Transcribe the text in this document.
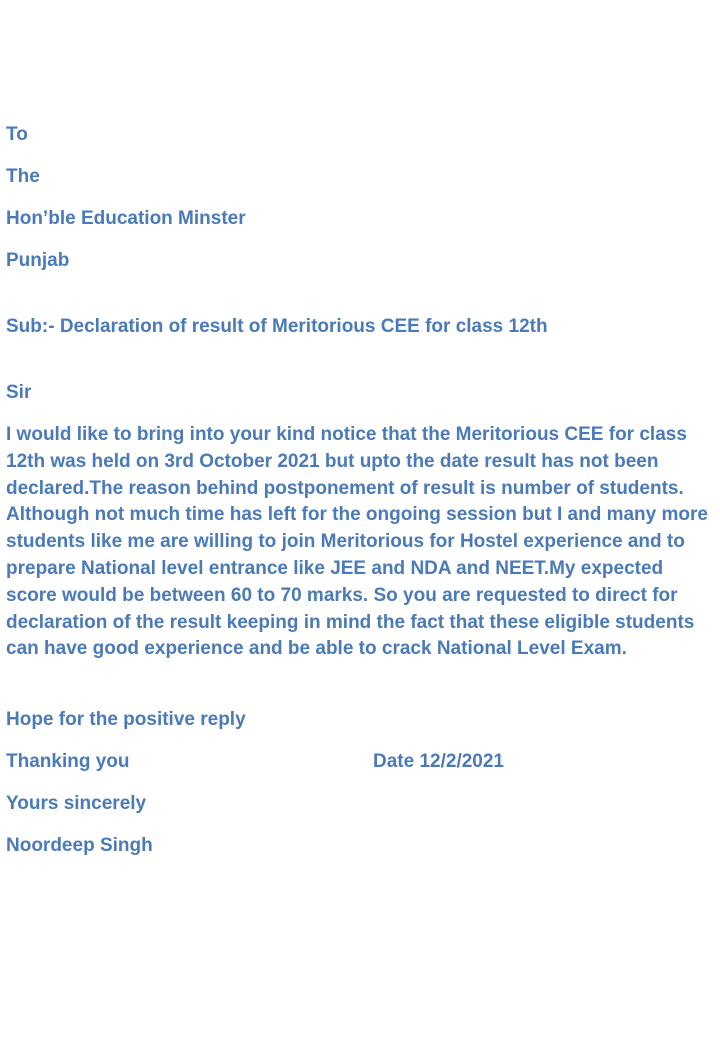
To

The

Hon’ble Education Minster

Punjab

Sub:- Declaration of result of Meritorious CEE for class 12th

Sir

I would like to bring into your kind notice that the Meritorious CEE for class 12th was held on 3rd October 2021 but upto the date result has not been declared.The reason behind postponement of result is number of students. Although not much time has left for the ongoing session but I and many more students like me are willing to join Meritorious for Hostel experience and to prepare National level entrance like JEE and NDA and NEET.My expected score would be between 60 to 70 marks. So you are requested to direct for declaration of the result keeping in mind the fact that these eligible students can have good experience and be able to crack National Level Exam.

Hope for the positive reply

Thanking you	Date 12/2/2021

Yours sincerely

Noordeep Singh
